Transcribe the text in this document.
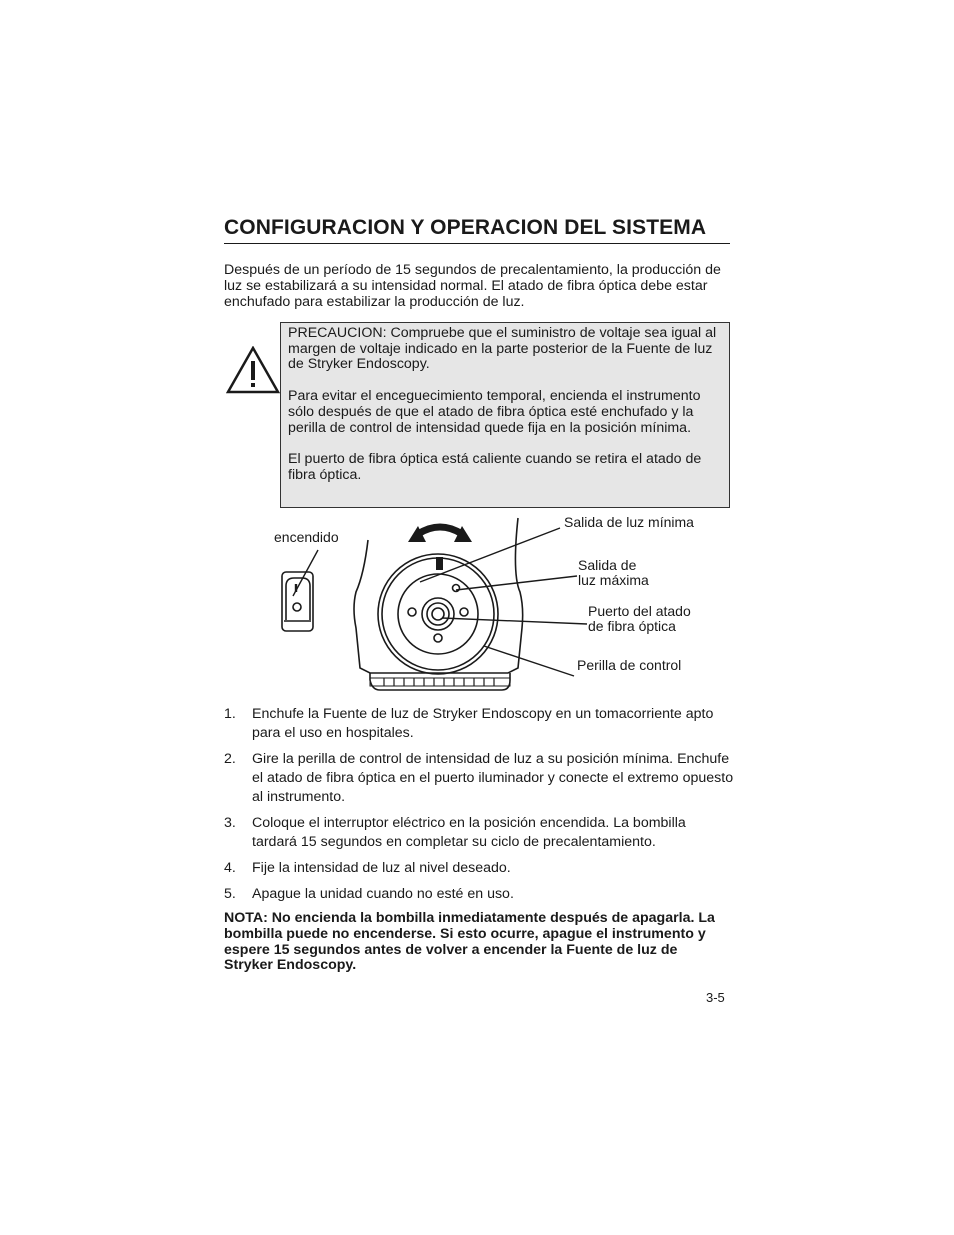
CONFIGURACION Y OPERACION DEL SISTEMA

Después de un período de 15 segundos de precalentamiento, la producción de luz se estabilizará a su intensidad normal. El atado de fibra óptica debe estar enchufado para estabilizar la producción de luz.

PRECAUCION: Compruebe que el suministro de voltaje sea igual al margen de voltaje indicado en la parte posterior de la Fuente de luz de Stryker Endoscopy.

Para evitar el enceguecimiento temporal, encienda el instrumento sólo después de que el atado de fibra óptica esté enchufado y la perilla de control de intensidad quede fija en la posición mínima.

El puerto de fibra óptica está caliente cuando se retira el atado de fibra óptica.

encendido

Salida de luz mínima

Salida de
luz máxima

Puerto del atado
de fibra óptica

Perilla de control

1. Enchufe la Fuente de luz de Stryker Endoscopy en un tomacorriente apto para el uso en hospitales.
2. Gire la perilla de control de intensidad de luz a su posición mínima. Enchufe el atado de fibra óptica en el puerto iluminador y conecte el extremo opuesto al instrumento.
3. Coloque el interruptor eléctrico en la posición encendida. La bombilla tardará 15 segundos en completar su ciclo de precalentamiento.
4. Fije la intensidad de luz al nivel deseado.
5. Apague la unidad cuando no esté en uso.

NOTA: No encienda la bombilla inmediatamente después de apagarla. La bombilla puede no encenderse. Si esto ocurre, apague el instrumento y espere 15 segundos antes de volver a encender la Fuente de luz de Stryker Endoscopy.

3-5
